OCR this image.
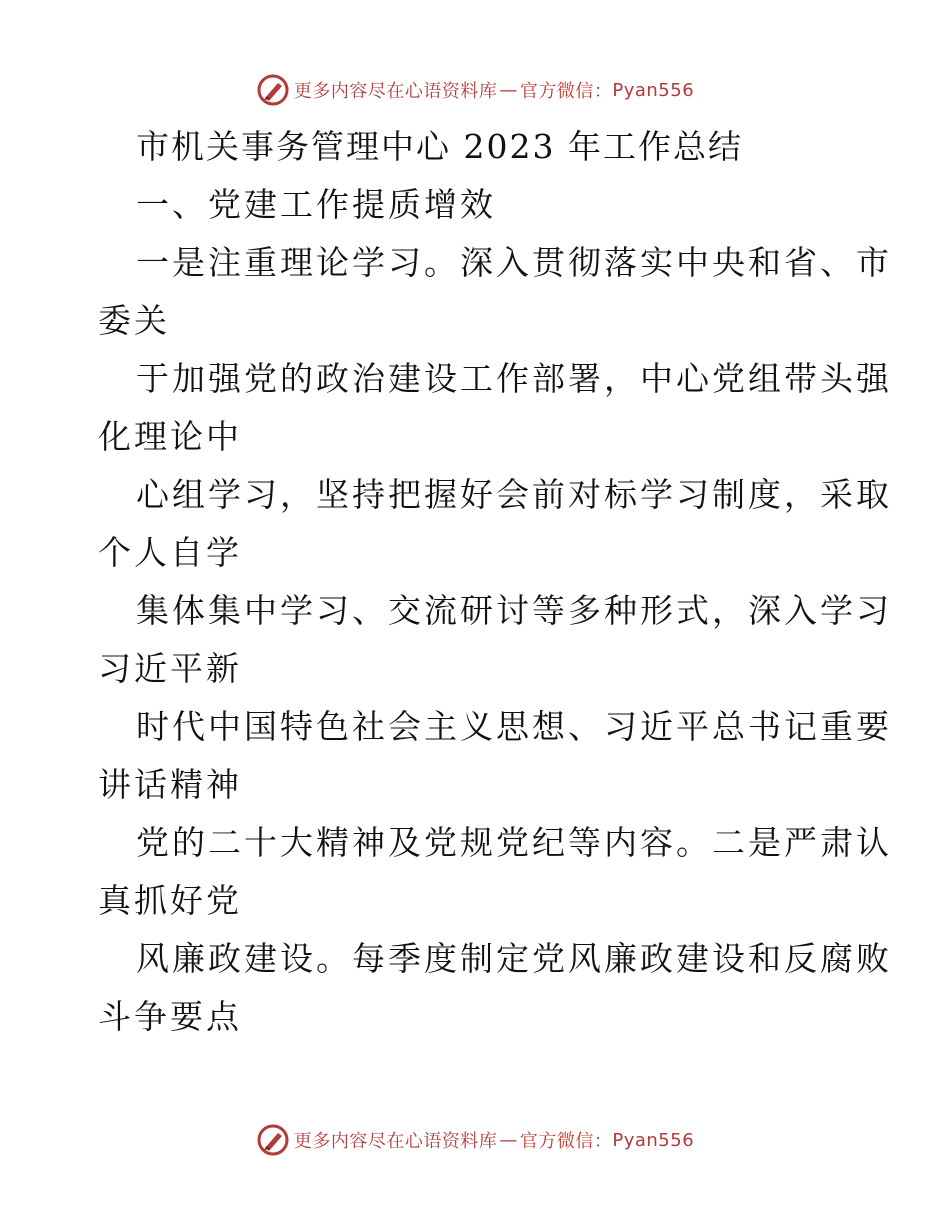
更多内容尽在心语资料库 — 官方微信： Pyan556

市机关事务管理中心 2023 年工作总结

一、党建工作提质增效

一是注重理论学习。深入贯彻落实中央和省、市

委关

于加强党的政治建设工作部署，中心党组带头强

化理论中

心组学习，坚持把握好会前对标学习制度，采取

个人自学

集体集中学习、交流研讨等多种形式，深入学习

习近平新

时代中国特色社会主义思想、习近平总书记重要

讲话精神

党的二十大精神及党规党纪等内容。二是严肃认

真抓好党

风廉政建设。每季度制定党风廉政建设和反腐败

斗争要点

更多内容尽在心语资料库 — 官方微信： Pyan556
